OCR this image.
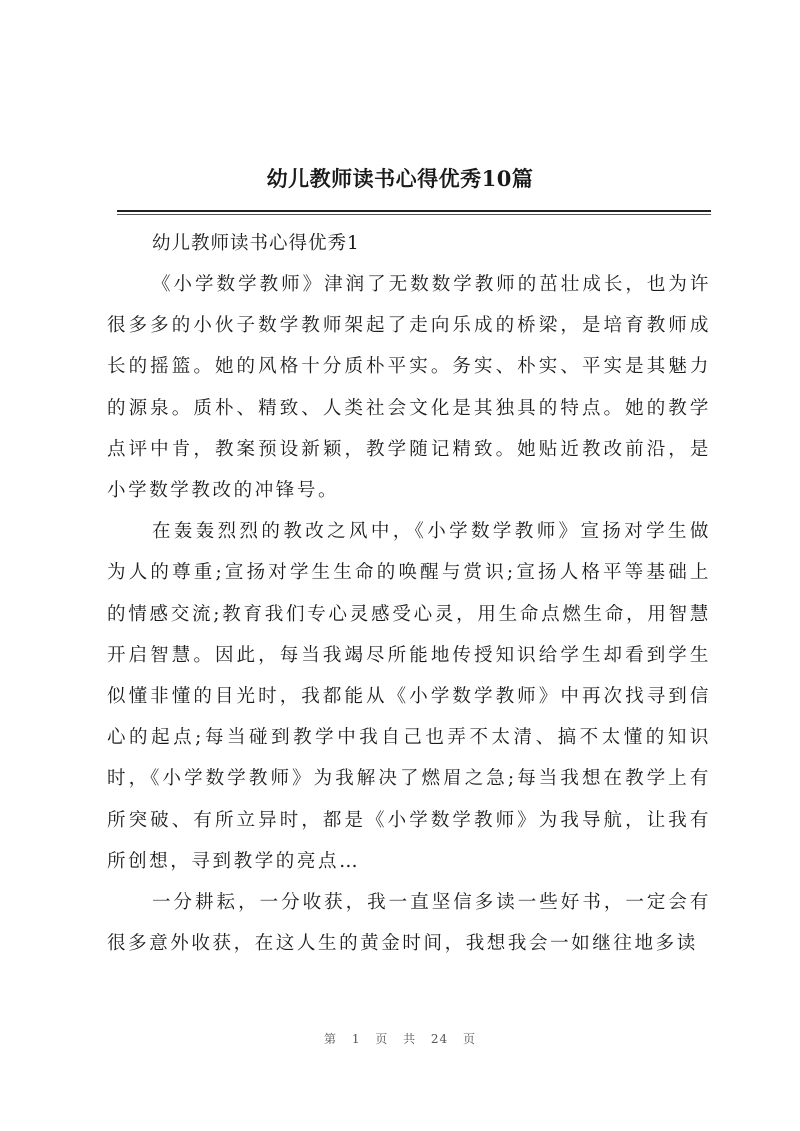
幼儿教师读书心得优秀10篇

幼儿教师读书心得优秀1

《小学数学教师》津润了无数数学教师的茁壮成长，也为许很多多的小伙子数学教师架起了走向乐成的桥梁，是培育教师成长的摇篮。她的风格十分质朴平实。务实、朴实、平实是其魅力的源泉。质朴、精致、人类社会文化是其独具的特点。她的教学点评中肯，教案预设新颖，教学随记精致。她贴近教改前沿，是小学数学教改的冲锋号。

在轰轰烈烈的教改之风中，《小学数学教师》宣扬对学生做为人的尊重;宣扬对学生生命的唤醒与赏识;宣扬人格平等基础上的情感交流;教育我们专心灵感受心灵，用生命点燃生命，用智慧开启智慧。因此，每当我竭尽所能地传授知识给学生却看到学生似懂非懂的目光时，我都能从《小学数学教师》中再次找寻到信心的起点;每当碰到教学中我自己也弄不太清、搞不太懂的知识时，《小学数学教师》为我解决了燃眉之急;每当我想在教学上有所突破、有所立异时，都是《小学数学教师》为我导航，让我有所创想，寻到教学的亮点…

一分耕耘，一分收获，我一直坚信多读一些好书，一定会有很多意外收获，在这人生的黄金时间，我想我会一如继往地多读

第 1 页 共 24 页
